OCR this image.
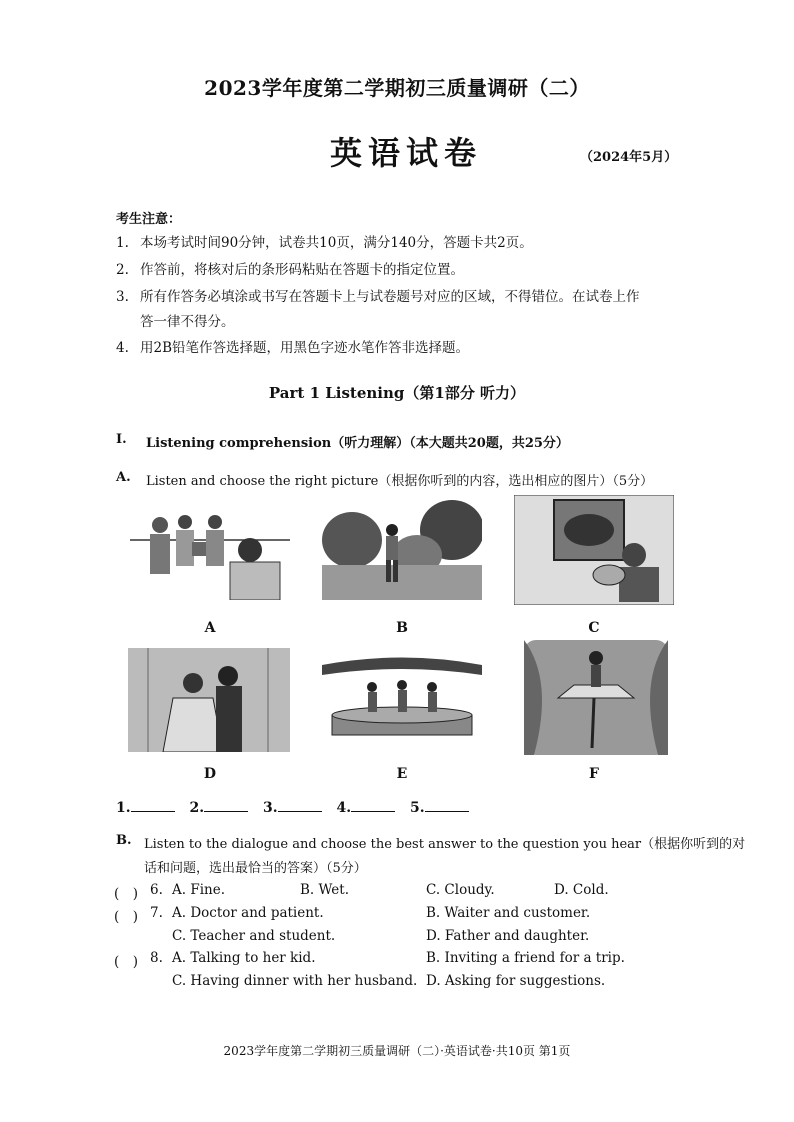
2023学年度第二学期初三质量调研（二）
英语试卷	（2024年5月）
考生注意：
1. 本场考试时间90分钟，试卷共10页，满分140分，答题卡共2页。
2. 作答前，将核对后的条形码粘贴在答题卡的指定位置。
3. 所有作答务必填涂或书写在答题卡上与试卷题号对应的区域，不得错位。在试卷上作
答一律不得分。
4. 用2B铅笔作答选择题，用黑色字迹水笔作答非选择题。
Part 1 Listening（第1部分 听力）
I. Listening comprehension（听力理解）（本大题共20题，共25分）
A. Listen and choose the right picture（根据你听到的内容，选出相应的图片）（5分）
A	B	C
D	E	F
1.	2.	3.	4.	5.
B. Listen to the dialogue and choose the best answer to the question you hear（根据你听到的对
话和问题，选出最恰当的答案）（5分）
(　) 6. A. Fine.	B. Wet.	C. Cloudy.	D. Cold.
(　) 7. A. Doctor and patient.	B. Waiter and customer.
C. Teacher and student.	D. Father and daughter.
(　) 8. A. Talking to her kid.	B. Inviting a friend for a trip.
C. Having dinner with her husband. D. Asking for suggestions.
2023学年度第二学期初三质量调研（二）·英语试卷·共10页 第1页
